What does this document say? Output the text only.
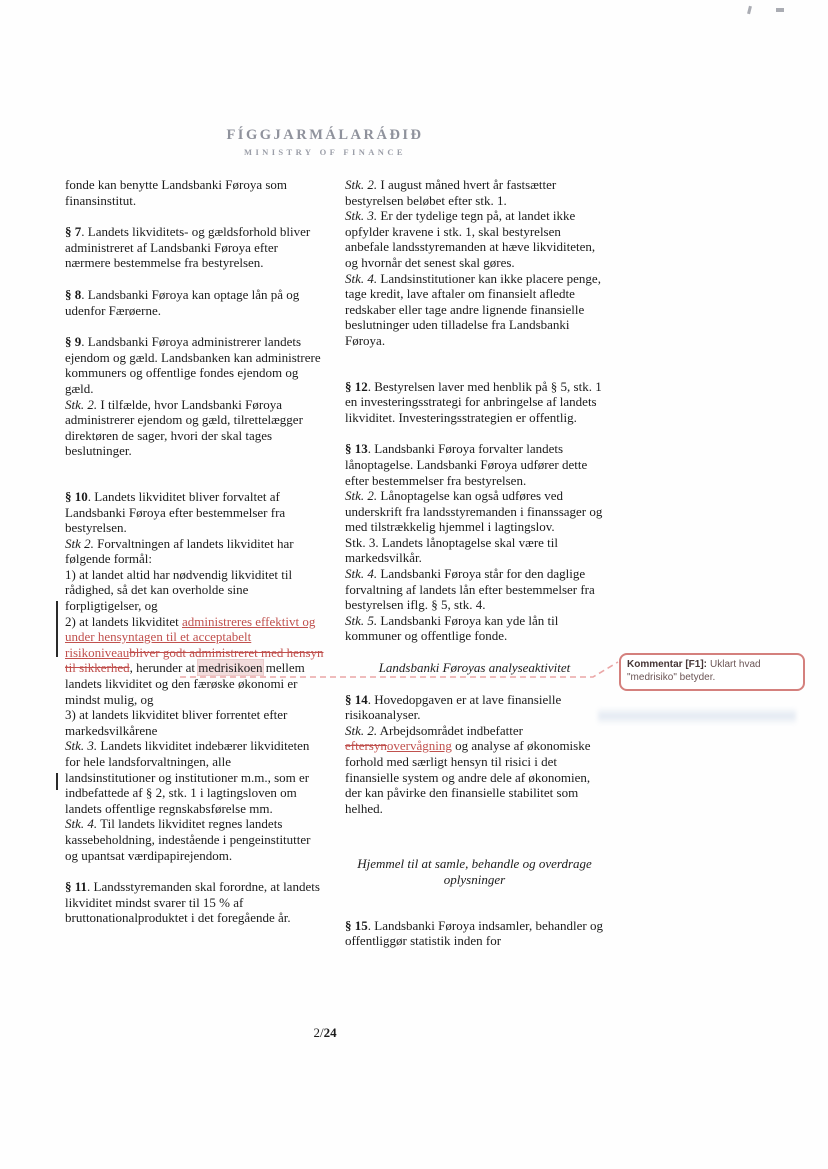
FÍGGJARMÁLARÁÐIÐ
MINISTRY OF FINANCE

fonde kan benytte Landsbanki Føroya som finansinstitut.

§ 7. Landets likviditets- og gældsforhold bliver administreret af Landsbanki Føroya efter nærmere bestemmelse fra bestyrelsen.

§ 8. Landsbanki Føroya kan optage lån på og udenfor Færøerne.

§ 9. Landsbanki Føroya administrerer landets ejendom og gæld. Landsbanken kan administrere kommuners og offentlige fondes ejendom og gæld.

Stk. 2. I tilfælde, hvor Landsbanki Føroya administrerer ejendom og gæld, tilrettelægger direktøren de sager, hvori der skal tages beslutninger.

§ 10. Landets likviditet bliver forvaltet af Landsbanki Føroya efter bestemmelser fra bestyrelsen.

Stk 2. Forvaltningen af landets likviditet har følgende formål:

1) at landet altid har nødvendig likviditet til rådighed, så det kan overholde sine forpligtigelser, og

2) at landets likviditet administreres effektivt og under hensyntagen til et acceptabelt risikoniveaubliver godt administreret med hensyn til sikkerhed, herunder at medrisikoen mellem landets likviditet og den færøske økonomi er mindst mulig, og

3) at landets likviditet bliver forrentet efter markedsvilkårene

Stk. 3. Landets likviditet indebærer likviditeten for hele landsforvaltningen, alle landsinstitutioner og institutioner m.m., som er indbefattede af § 2, stk. 1 i lagtingsloven om landets offentlige regnskabsførelse mm.

Stk. 4. Til landets likviditet regnes landets kassebeholdning, indestående i pengeinstitutter og upantsat værdipapirejendom.

§ 11. Landsstyremanden skal forordne, at landets likviditet mindst svarer til 15 % af bruttonationalproduktet i det foregående år.

Stk. 2. I august måned hvert år fastsætter bestyrelsen beløbet efter stk. 1.

Stk. 3. Er der tydelige tegn på, at landet ikke opfylder kravene i stk. 1, skal bestyrelsen anbefale landsstyremanden at hæve likviditeten, og hvornår det senest skal gøres.

Stk. 4. Landsinstitutioner kan ikke placere penge, tage kredit, lave aftaler om finansielt afledte redskaber eller tage andre lignende finansielle beslutninger uden tilladelse fra Landsbanki Føroya.

§ 12. Bestyrelsen laver med henblik på § 5, stk. 1 en investeringsstrategi for anbringelse af landets likviditet. Investeringsstrategien er offentlig.

§ 13. Landsbanki Føroya forvalter landets lånoptagelse. Landsbanki Føroya udfører dette efter bestemmelser fra bestyrelsen.

Stk. 2. Lånoptagelse kan også udføres ved underskrift fra landsstyremanden i finanssager og med tilstrækkelig hjemmel i lagtingslov.

Stk. 3. Landets lånoptagelse skal være til markedsvilkår.

Stk. 4. Landsbanki Føroya står for den daglige forvaltning af landets lån efter bestemmelser fra bestyrelsen iflg. § 5, stk. 4.

Stk. 5. Landsbanki Føroya kan yde lån til kommuner og offentlige fonde.

Landsbanki Føroyas analyseaktivitet

§ 14. Hovedopgaven er at lave finansielle risikoanalyser.

Stk. 2. Arbejdsområdet indbefatter eftersynovervågning og analyse af økonomiske forhold med særligt hensyn til risici i det finansielle system og andre dele af økonomien, der kan påvirke den finansielle stabilitet som helhed.

Hjemmel til at samle, behandle og overdrage oplysninger

§ 15. Landsbanki Føroya indsamler, behandler og offentliggør statistik inden for

Kommentar [F1]: Uklart hvad "medrisiko" betyder.
2/24
